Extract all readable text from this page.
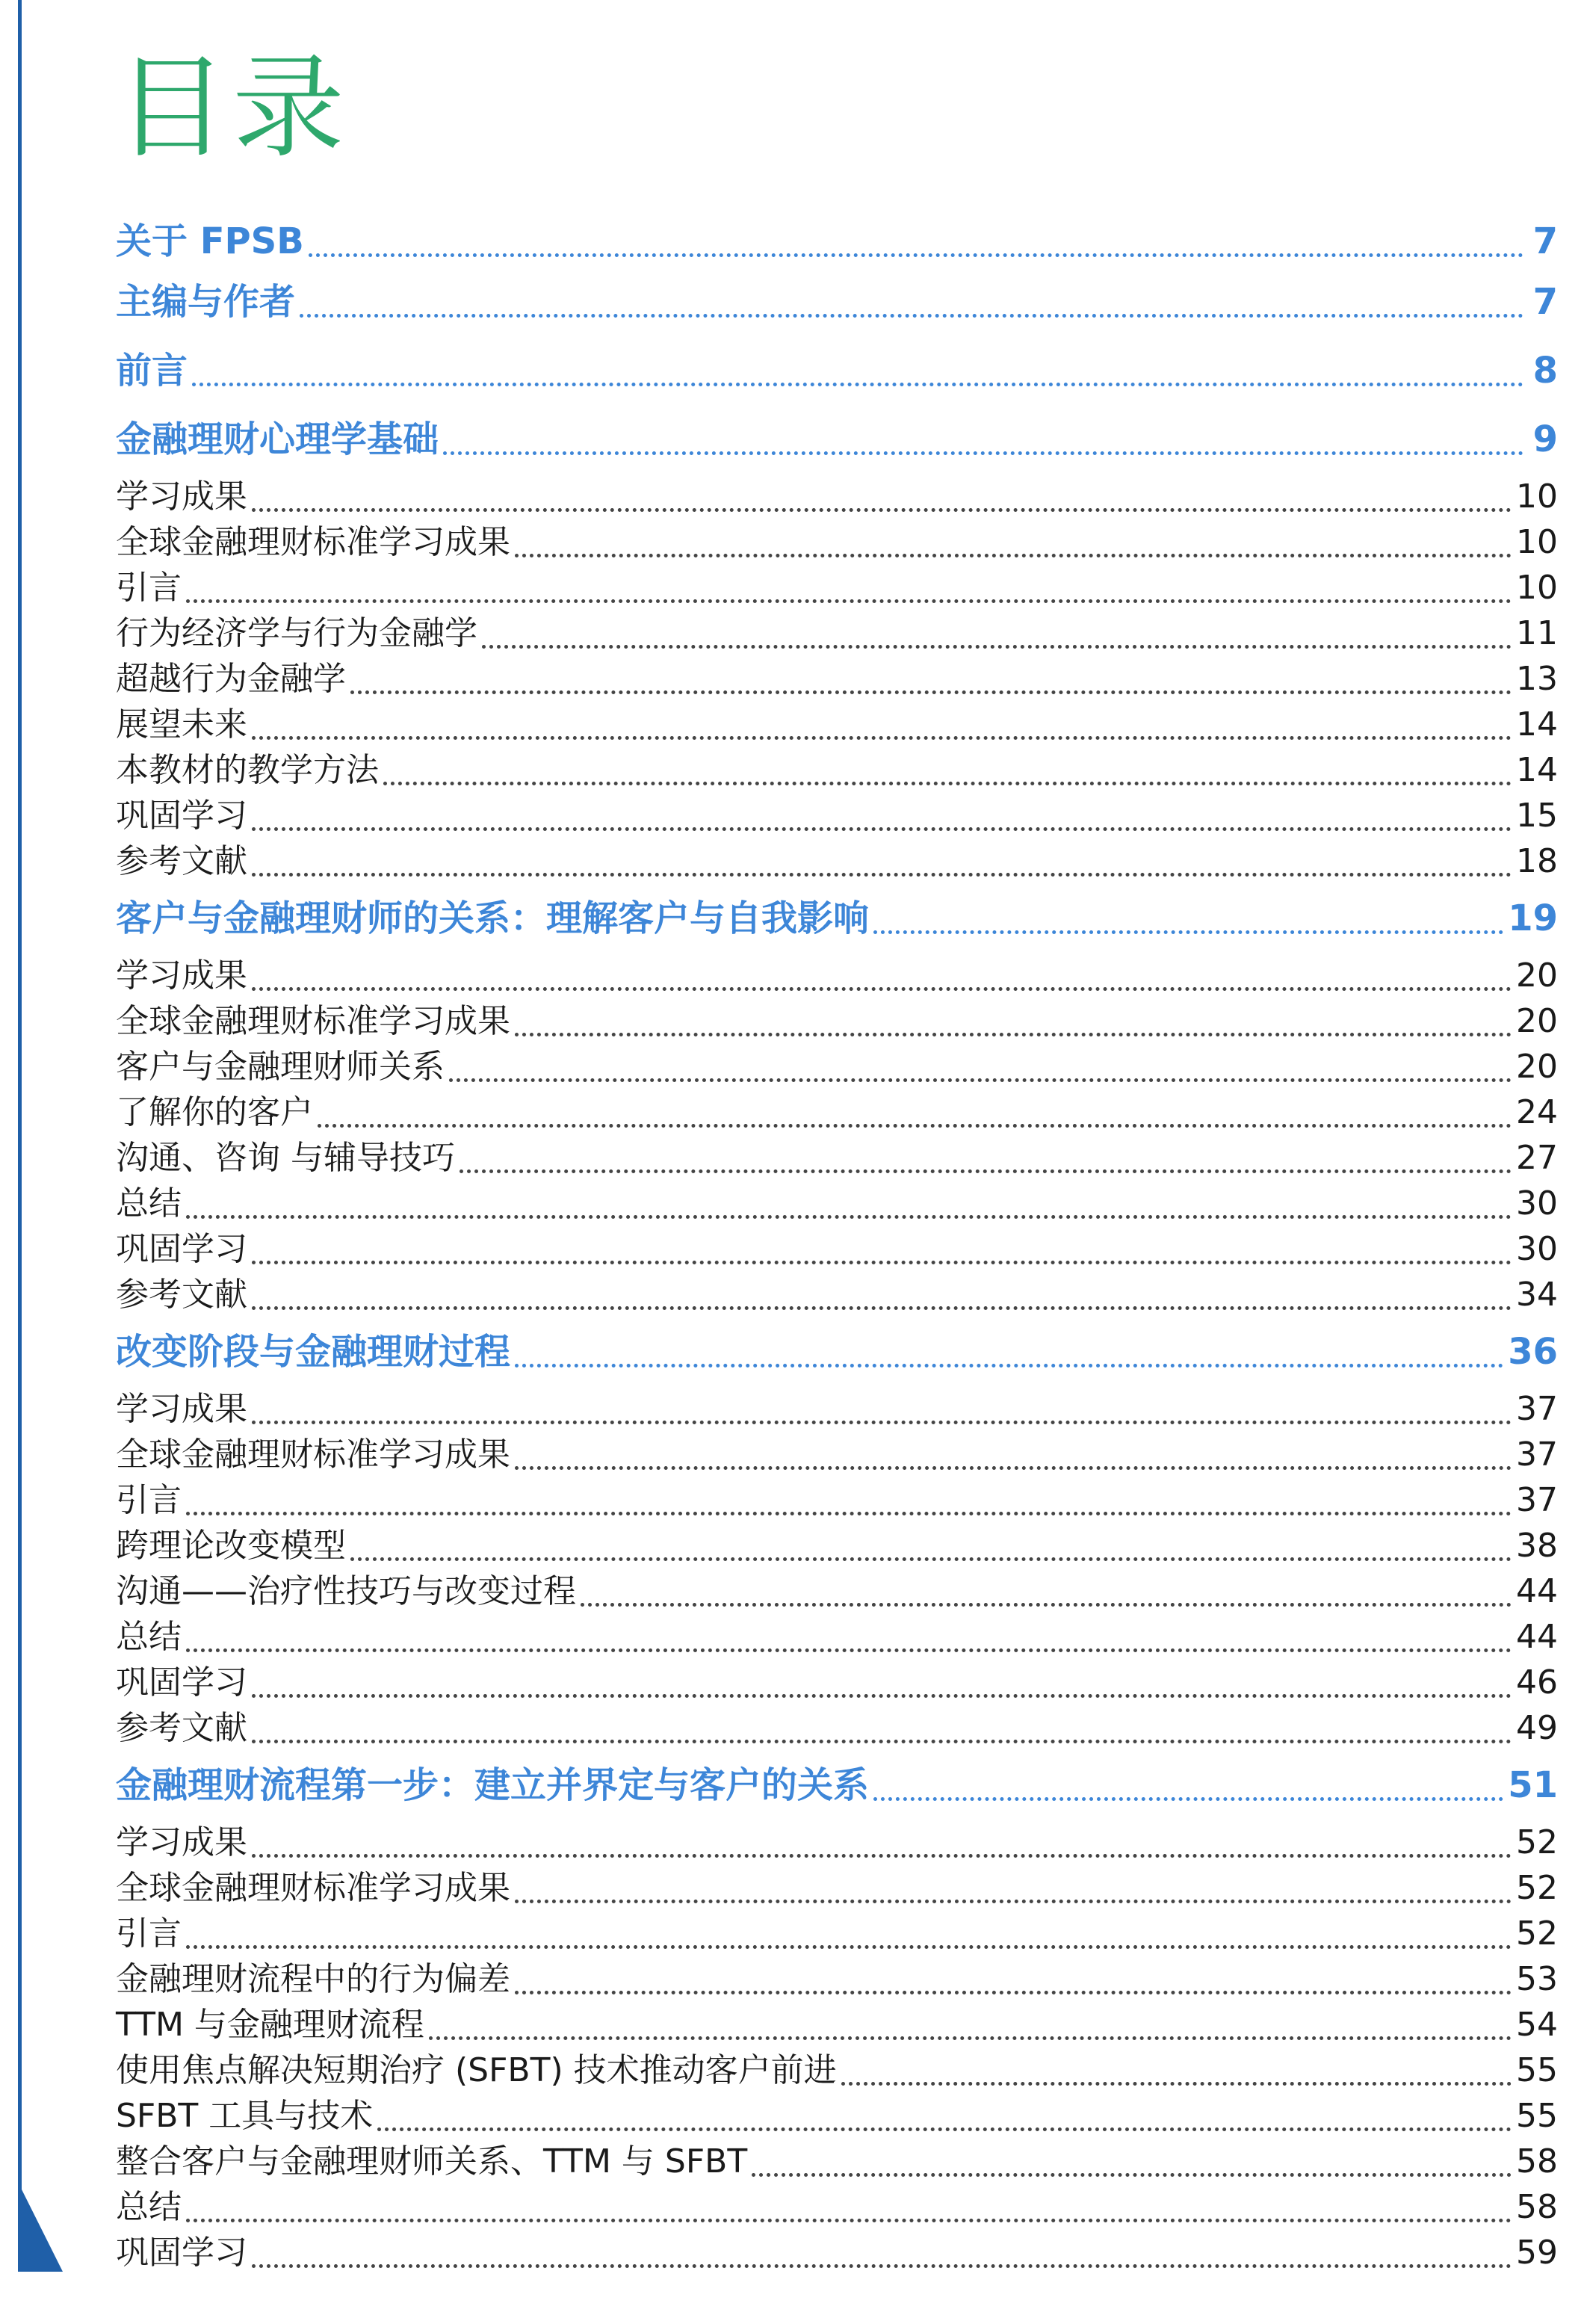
目录
关于 FPSB	7
主编与作者	7
前言	8
金融理财心理学基础	9
学习成果	10
全球金融理财标准学习成果	10
引言	10
行为经济学与行为金融学	11
超越行为金融学	13
展望未来	14
本教材的教学方法	14
巩固学习	15
参考文献	18
客户与金融理财师的关系：理解客户与自我影响	19
学习成果	20
全球金融理财标准学习成果	20
客户与金融理财师关系	20
了解你的客户	24
沟通、咨询 与辅导技巧	27
总结	30
巩固学习	30
参考文献	34
改变阶段与金融理财过程	36
学习成果	37
全球金融理财标准学习成果	37
引言	37
跨理论改变模型	38
沟通——治疗性技巧与改变过程	44
总结	44
巩固学习	46
参考文献	49
金融理财流程第一步：建立并界定与客户的关系	51
学习成果	52
全球金融理财标准学习成果	52
引言	52
金融理财流程中的行为偏差	53
TTM 与金融理财流程	54
使用焦点解决短期治疗 (SFBT) 技术推动客户前进	55
SFBT 工具与技术	55
整合客户与金融理财师关系、TTM 与 SFBT	58
总结	58
巩固学习	59
